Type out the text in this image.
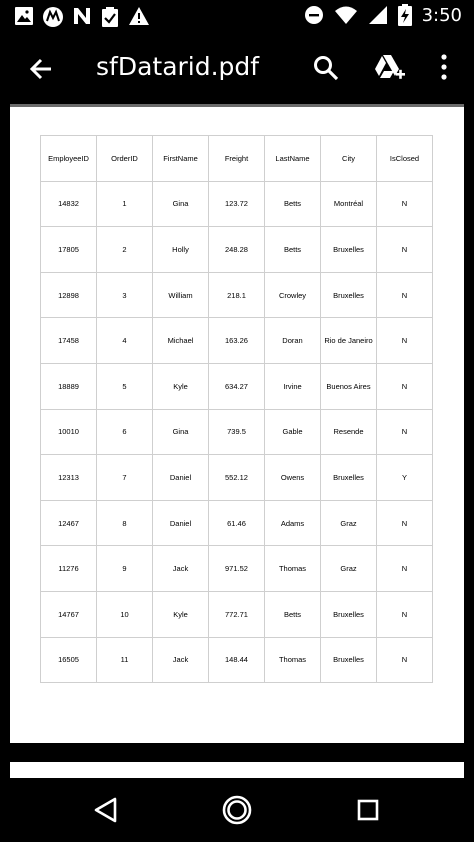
3:50
sfDatarid.pdf
EmployeeID	OrderID	FirstName	Freight	LastName	City	IsClosed
14832	1	Gina	123.72	Betts	Montréal	N
17805	2	Holly	248.28	Betts	Bruxelles	N
12898	3	William	218.1	Crowley	Bruxelles	N
17458	4	Michael	163.26	Doran	Rio de Janeiro	N
18889	5	Kyle	634.27	Irvine	Buenos Aires	N
10010	6	Gina	739.5	Gable	Resende	N
12313	7	Daniel	552.12	Owens	Bruxelles	Y
12467	8	Daniel	61.46	Adams	Graz	N
11276	9	Jack	971.52	Thomas	Graz	N
14767	10	Kyle	772.71	Betts	Bruxelles	N
16505	11	Jack	148.44	Thomas	Bruxelles	N
